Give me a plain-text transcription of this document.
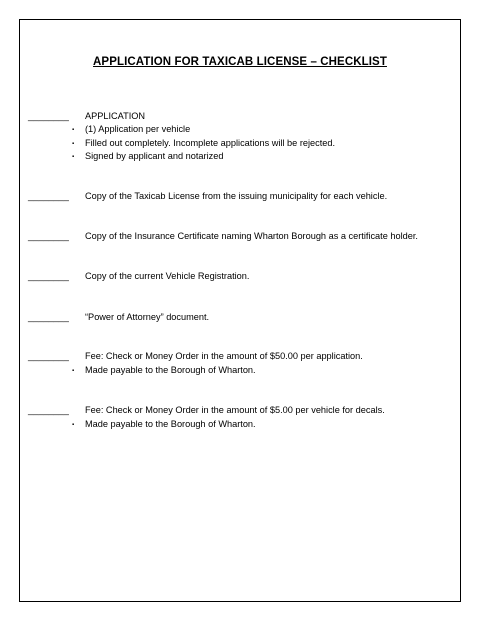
APPLICATION FOR TAXICAB LICENSE – CHECKLIST
________ APPLICATION
▪ (1) Application per vehicle
▪ Filled out completely. Incomplete applications will be rejected.
▪ Signed by applicant and notarized
________ Copy of the Taxicab License from the issuing municipality for each vehicle.
________ Copy of the Insurance Certificate naming Wharton Borough as a certificate holder.
________ Copy of the current Vehicle Registration.
________ “Power of Attorney” document.
________ Fee: Check or Money Order in the amount of $50.00 per application.
▪ Made payable to the Borough of Wharton.
________ Fee: Check or Money Order in the amount of $5.00 per vehicle for decals.
▪ Made payable to the Borough of Wharton.
